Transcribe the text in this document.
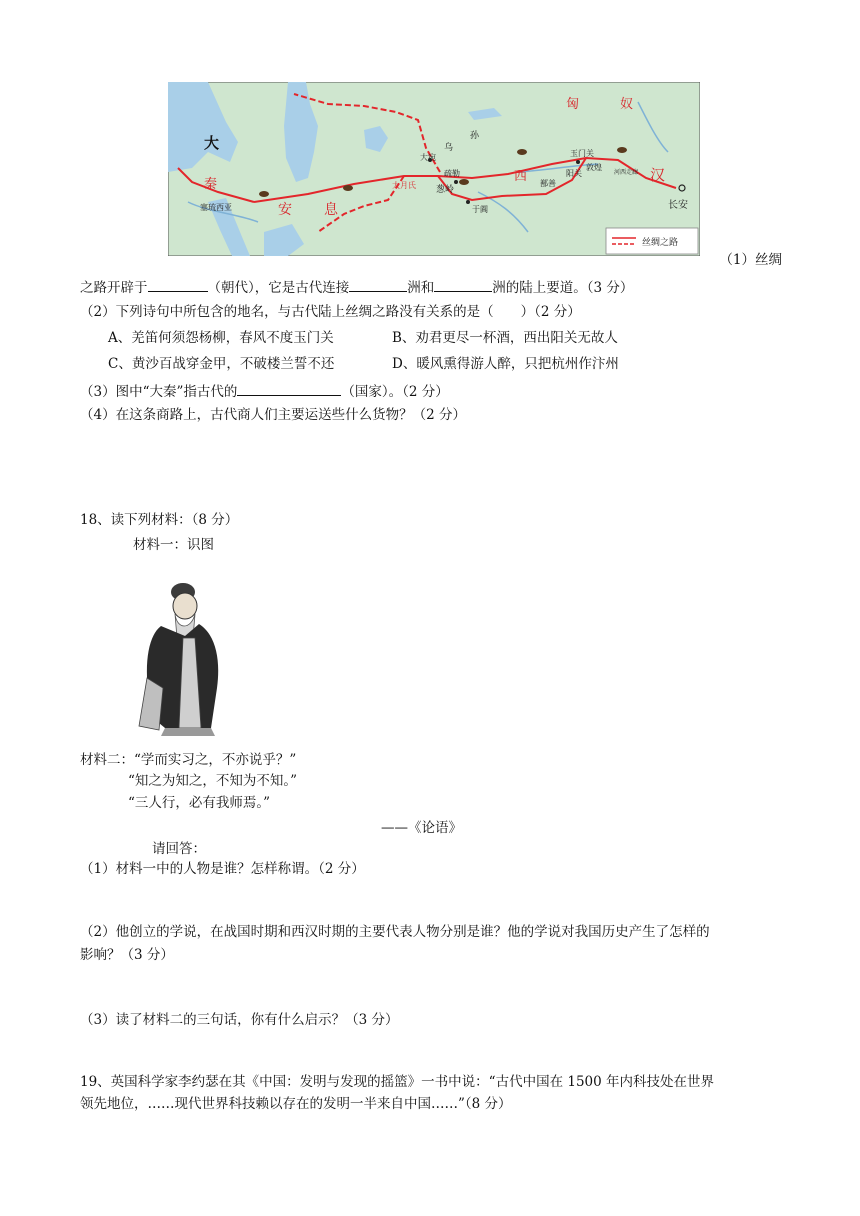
匈	奴
大
秦
安 息
西	汉
长安
玉门关
阳关
敦煌
河西走廊
大宛
疏勒
葱岭
大月氏	鄯善
于阗
乌
孙
塞琉西亚
丝绸之路
（1）丝绸
之路开辟于	（朝代），它是古代连接	洲和	洲的陆上要道。（3 分）
（2）下列诗句中所包含的地名，与古代陆上丝绸之路没有关系的是（　　）（2 分）
A、羌笛何须怨杨柳，春风不度玉门关	B、劝君更尽一杯酒，西出阳关无故人
C、黄沙百战穿金甲，不破楼兰誓不还	D、暖风熏得游人醉，只把杭州作汴州
（3）图中“大秦”指古代的	（国家）。（2 分）
（4）在这条商路上，古代商人们主要运送些什么货物？（2 分）
18、读下列材料：（8 分）
材料一：识图
材料二：“学而实习之，不亦说乎？”
“知之为知之，不知为不知。”
“三人行，必有我师焉。”
——《论语》
请回答：
（1）材料一中的人物是谁？怎样称谓。（2 分）
（2）他创立的学说，在战国时期和西汉时期的主要代表人物分别是谁？他的学说对我国历史产生了怎样的
影响？（3 分）
（3）读了材料二的三句话，你有什么启示？（3 分）
19、英国科学家李约瑟在其《中国：发明与发现的摇篮》一书中说：“古代中国在 1500 年内科技处在世界
领先地位，……现代世界科技赖以存在的发明一半来自中国……”（8 分）
